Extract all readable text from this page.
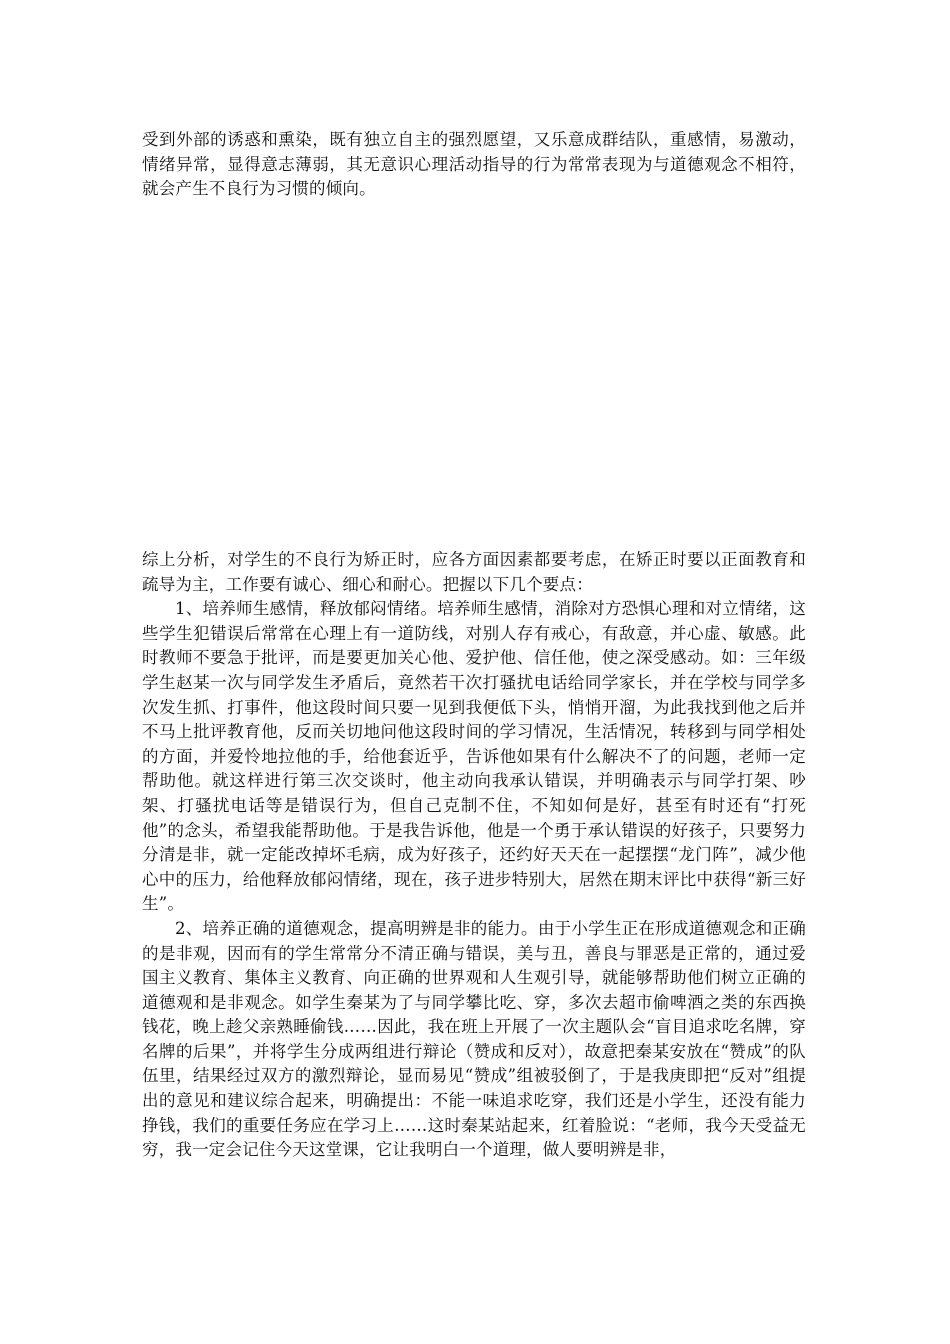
受到外部的诱惑和熏染，既有独立自主的强烈愿望，又乐意成群结队，重感情，易激动，情绪异常，显得意志薄弱，其无意识心理活动指导的行为常常表现为与道德观念不相符，就会产生不良行为习惯的倾向。

综上分析，对学生的不良行为矫正时，应各方面因素都要考虑，在矫正时要以正面教育和疏导为主，工作要有诚心、细心和耐心。把握以下几个要点：

1、培养师生感情，释放郁闷情绪。培养师生感情，消除对方恐惧心理和对立情绪，这些学生犯错误后常常在心理上有一道防线，对别人存有戒心，有敌意，并心虚、敏感。此时教师不要急于批评，而是要更加关心他、爱护他、信任他，使之深受感动。如：三年级学生赵某一次与同学发生矛盾后，竟然若干次打骚扰电话给同学家长，并在学校与同学多次发生抓、打事件，他这段时间只要一见到我便低下头，悄悄开溜，为此我找到他之后并不马上批评教育他，反而关切地问他这段时间的学习情况，生活情况，转移到与同学相处的方面，并爱怜地拉他的手，给他套近乎，告诉他如果有什么解决不了的问题，老师一定帮助他。就这样进行第三次交谈时，他主动向我承认错误，并明确表示与同学打架、吵架、打骚扰电话等是错误行为，但自己克制不住，不知如何是好，甚至有时还有“打死他”的念头，希望我能帮助他。于是我告诉他，他是一个勇于承认错误的好孩子，只要努力分清是非，就一定能改掉坏毛病，成为好孩子，还约好天天在一起摆摆“龙门阵”，减少他心中的压力，给他释放郁闷情绪，现在，孩子进步特别大，居然在期末评比中获得“新三好生”。

2、培养正确的道德观念，提高明辨是非的能力。由于小学生正在形成道德观念和正确的是非观，因而有的学生常常分不清正确与错误，美与丑，善良与罪恶是正常的，通过爱国主义教育、集体主义教育、向正确的世界观和人生观引导，就能够帮助他们树立正确的道德观和是非观念。如学生秦某为了与同学攀比吃、穿，多次去超市偷啤酒之类的东西换钱花，晚上趁父亲熟睡偷钱……因此，我在班上开展了一次主题队会“盲目追求吃名牌，穿名牌的后果”，并将学生分成两组进行辩论（赞成和反对），故意把秦某安放在“赞成”的队伍里，结果经过双方的激烈辩论，显而易见“赞成”组被驳倒了，于是我庚即把“反对”组提出的意见和建议综合起来，明确提出：不能一味追求吃穿，我们还是小学生，还没有能力挣钱，我们的重要任务应在学习上……这时秦某站起来，红着脸说：“老师，我今天受益无穷，我一定会记住今天这堂课，它让我明白一个道理，做人要明辨是非，
